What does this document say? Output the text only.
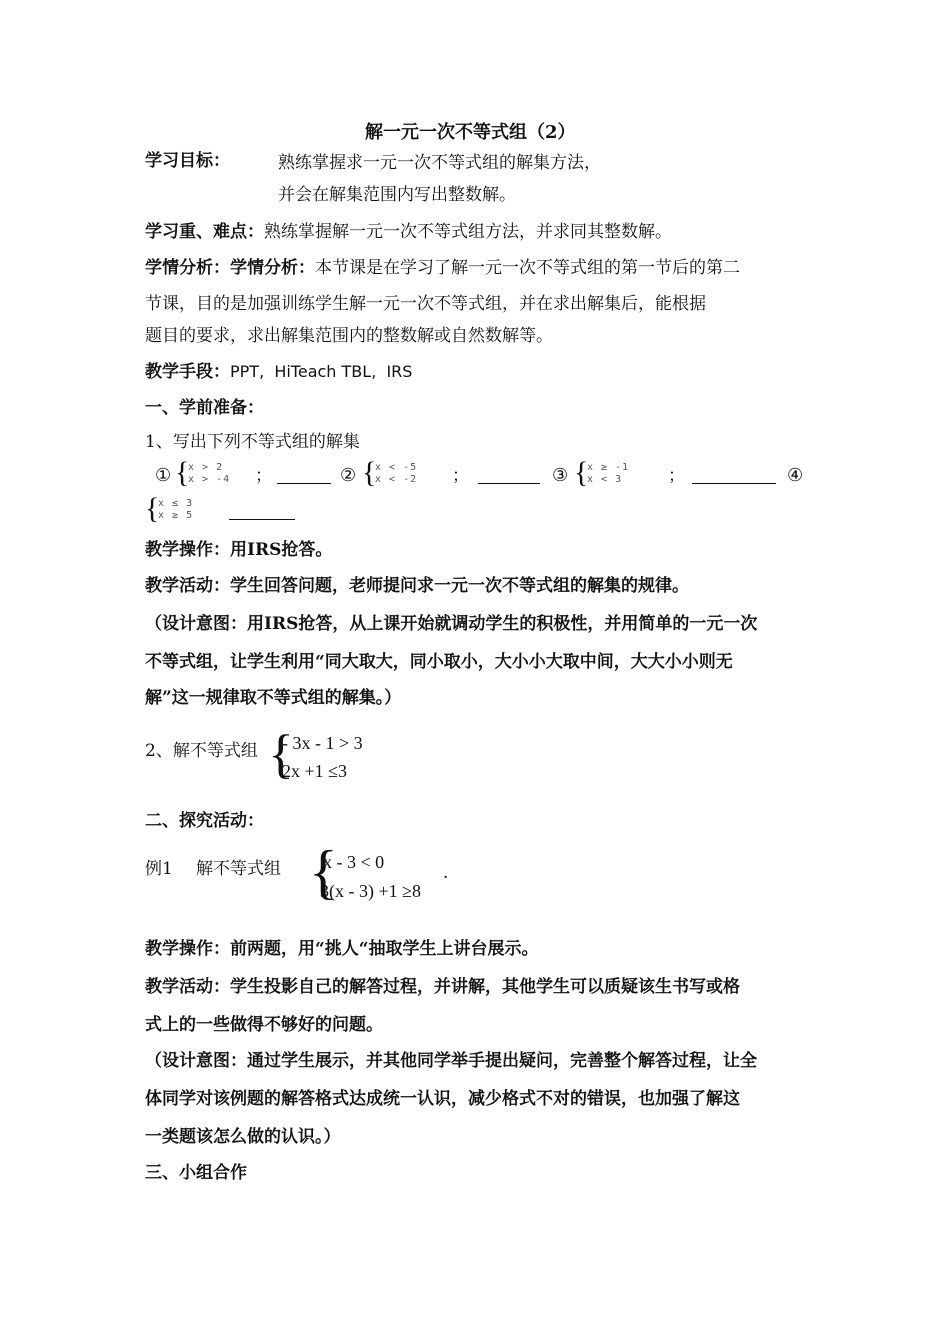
解一元一次不等式组（2）
学习目标：	熟练掌握求一元一次不等式组的解集方法，
并会在解集范围内写出整数解。
学习重、难点：熟练掌握解一元一次不等式组方法，并求同其整数解。
学情分析：学情分析：本节课是在学习了解一元一次不等式组的第一节后的第二
节课，目的是加强训练学生解一元一次不等式组，并在求出解集后，能根据
题目的要求，求出解集范围内的整数解或自然数解等。
教学手段：PPT,  HiTeach TBL,  IRS
一、学前准备：
1、写出下列不等式组的解集
① {
x > 2
x > -4 ；	② {
x < -5
x < -2 ；	③ {
x ≥ -1
x < 3	；	④
{
x ≤ 3
x ≥ 5
教学操作：用IRS抢答。
教学活动：学生回答问题，老师提问求一元一次不等式组的解集的规律。
（设计意图：用IRS抢答，从上课开始就调动学生的积极性，并用简单的一元一次
不等式组，让学生利用“同大取大，同小取小，大小小大取中间，大大小小则无
解”这一规律取不等式组的解集。）
2、解不等式组 {
- 3x - 1 > 3
2x +1 ≤3
二、探究活动：
例1 解不等式组 {
x - 3 < 0
3(x - 3) +1 ≥8
.
教学操作：前两题，用“挑人“抽取学生上讲台展示。
教学活动：学生投影自己的解答过程，并讲解，其他学生可以质疑该生书写或格
式上的一些做得不够好的问题。
（设计意图：通过学生展示，并其他同学举手提出疑问，完善整个解答过程，让全
体同学对该例题的解答格式达成统一认识，减少格式不对的错误，也加强了解这
一类题该怎么做的认识。）
三、小组合作
